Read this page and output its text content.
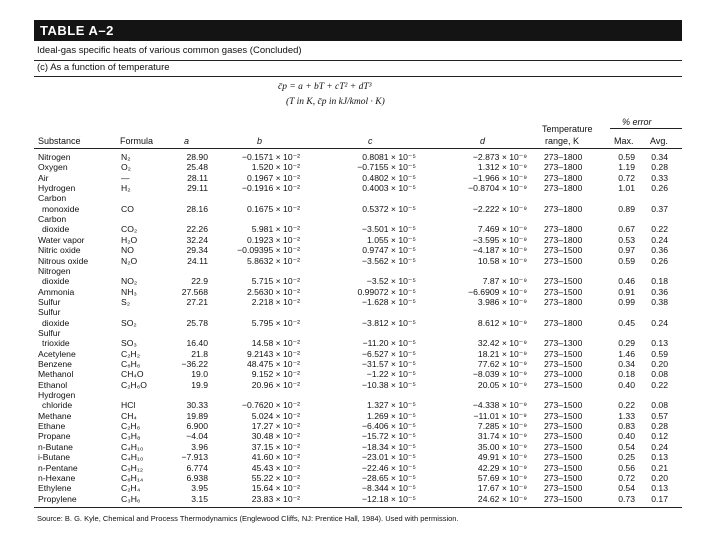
TABLE A–2
Ideal-gas specific heats of various common gases (Concluded)
(c) As a function of temperature
c̄p = a + bT + cT² + dT³
(T in K, c̄p in kJ/kmol · K)
% error
Temperature
Substance	Formula	a	b	c	d	range, K	Max. Avg.
Nitrogen	N₂	28.90	−0.1571 × 10⁻²	0.8081 × 10⁻⁵	−2.873 × 10⁻⁹ 273–1800	0.59 0.34
Oxygen	O₂	25.48	1.520 × 10⁻²	−0.7155 × 10⁻⁵	1.312 × 10⁻⁹ 273–1800	1.19 0.28
Air	—	28.11	0.1967 × 10⁻²	0.4802 × 10⁻⁵	−1.966 × 10⁻⁹ 273–1800	0.72 0.33
Hydrogen	H₂	29.11	−0.1916 × 10⁻²	0.4003 × 10⁻⁵	−0.8704 × 10⁻⁹ 273–1800	1.01 0.26
Carbon
monoxide	CO	28.16	0.1675 × 10⁻²	0.5372 × 10⁻⁵	−2.222 × 10⁻⁹ 273–1800	0.89 0.37
Carbon
dioxide	CO₂	22.26	5.981 × 10⁻²	−3.501 × 10⁻⁵	7.469 × 10⁻⁹ 273–1800	0.67 0.22
Water vapor	H₂O	32.24	0.1923 × 10⁻²	1.055 × 10⁻⁵	−3.595 × 10⁻⁹ 273–1800	0.53 0.24
Nitric oxide	NO	29.34	−0.09395 × 10⁻²	0.9747 × 10⁻⁵	−4.187 × 10⁻⁹ 273–1500	0.97 0.36
Nitrous oxide	N₂O	24.11	5.8632 × 10⁻²	−3.562 × 10⁻⁵	10.58 × 10⁻⁹ 273–1500	0.59 0.26
Nitrogen
dioxide	NO₂	22.9	5.715 × 10⁻²	−3.52 × 10⁻⁵	7.87 × 10⁻⁹ 273–1500	0.46 0.18
Ammonia	NH₃	27.568	2.5630 × 10⁻²	0.99072 × 10⁻⁵	−6.6909 × 10⁻⁹ 273–1500	0.91 0.36
Sulfur	S₂	27.21	2.218 × 10⁻²	−1.628 × 10⁻⁵	3.986 × 10⁻⁹ 273–1800	0.99 0.38
Sulfur
dioxide	SO₂	25.78	5.795 × 10⁻²	−3.812 × 10⁻⁵	8.612 × 10⁻⁹ 273–1800	0.45 0.24
Sulfur
trioxide	SO₃	16.40	14.58 × 10⁻²	−11.20 × 10⁻⁵	32.42 × 10⁻⁹ 273–1300	0.29 0.13
Acetylene	C₂H₂	21.8	9.2143 × 10⁻²	−6.527 × 10⁻⁵	18.21 × 10⁻⁹ 273–1500	1.46 0.59
Benzene	C₆H₆	−36.22	48.475 × 10⁻²	−31.57 × 10⁻⁵	77.62 × 10⁻⁹ 273–1500	0.34 0.20
Methanol	CH₄O	19.0	9.152 × 10⁻²	−1.22 × 10⁻⁵	−8.039 × 10⁻⁹ 273–1000	0.18 0.08
Ethanol	C₂H₆O	19.9	20.96 × 10⁻²	−10.38 × 10⁻⁵	20.05 × 10⁻⁹ 273–1500	0.40 0.22
Hydrogen
chloride	HCl	30.33	−0.7620 × 10⁻²	1.327 × 10⁻⁵	−4.338 × 10⁻⁹ 273–1500	0.22 0.08
Methane	CH₄	19.89	5.024 × 10⁻²	1.269 × 10⁻⁵	−11.01 × 10⁻⁹ 273–1500	1.33 0.57
Ethane	C₂H₆	6.900	17.27 × 10⁻²	−6.406 × 10⁻⁵	7.285 × 10⁻⁹ 273–1500	0.83 0.28
Propane	C₃H₈	−4.04	30.48 × 10⁻²	−15.72 × 10⁻⁵	31.74 × 10⁻⁹ 273–1500	0.40 0.12
n-Butane	C₄H₁₀	3.96	37.15 × 10⁻²	−18.34 × 10⁻⁵	35.00 × 10⁻⁹ 273–1500	0.54 0.24
i-Butane	C₄H₁₀	−7.913	41.60 × 10⁻²	−23.01 × 10⁻⁵	49.91 × 10⁻⁹ 273–1500	0.25 0.13
n-Pentane	C₅H₁₂	6.774	45.43 × 10⁻²	−22.46 × 10⁻⁵	42.29 × 10⁻⁹ 273–1500	0.56 0.21
n-Hexane	C₆H₁₄	6.938	55.22 × 10⁻²	−28.65 × 10⁻⁵	57.69 × 10⁻⁹ 273–1500	0.72 0.20
Ethylene	C₂H₄	3.95	15.64 × 10⁻²	−8.344 × 10⁻⁵	17.67 × 10⁻⁹ 273–1500	0.54 0.13
Propylene	C₃H₆	3.15	23.83 × 10⁻²	−12.18 × 10⁻⁵	24.62 × 10⁻⁹ 273–1500	0.73 0.17
Source: B. G. Kyle, Chemical and Process Thermodynamics (Englewood Cliffs, NJ: Prentice Hall, 1984). Used with permission.
